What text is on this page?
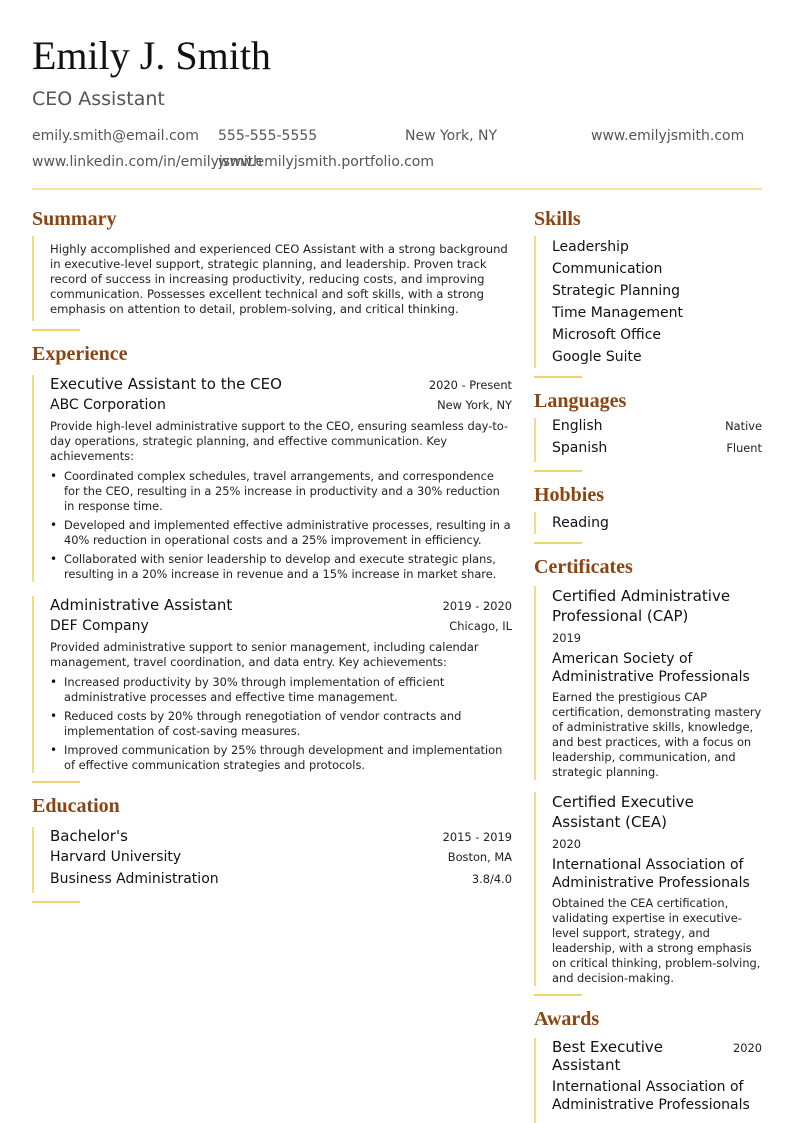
Emily J. Smith
CEO Assistant
emily.smith@email.com 555-555-5555	New York, NY	www.emilyjsmith.com
www.linkedin.com/in/emilyjsmith
www.emilyjsmith.portfolio.com
Summary
Highly accomplished and experienced CEO Assistant with a strong background in executive-level support, strategic planning, and leadership. Proven track record of success in increasing productivity, reducing costs, and improving communication. Possesses excellent technical and soft skills, with a strong emphasis on attention to detail, problem-solving, and critical thinking.
Experience
Executive Assistant to the CEO	2020 - Present
ABC Corporation	New York, NY
Provide high-level administrative support to the CEO, ensuring seamless day-to-day operations, strategic planning, and effective communication. Key achievements:
• Coordinated complex schedules, travel arrangements, and correspondence for the CEO, resulting in a 25% increase in productivity and a 30% reduction in response time.
• Developed and implemented effective administrative processes, resulting in a 40% reduction in operational costs and a 25% improvement in efficiency.
• Collaborated with senior leadership to develop and execute strategic plans, resulting in a 20% increase in revenue and a 15% increase in market share.
Administrative Assistant	2019 - 2020
DEF Company	Chicago, IL
Provided administrative support to senior management, including calendar management, travel coordination, and data entry. Key achievements:
• Increased productivity by 30% through implementation of efficient administrative processes and effective time management.
• Reduced costs by 20% through renegotiation of vendor contracts and implementation of cost-saving measures.
• Improved communication by 25% through development and implementation of effective communication strategies and protocols.
Education
Bachelor's	2015 - 2019
Harvard University	Boston, MA
Business Administration	3.8/4.0
Skills
Leadership
Communication
Strategic Planning
Time Management
Microsoft Office
Google Suite
Languages
English	Native
Spanish	Fluent
Hobbies
Reading
Certificates
Certified Administrative Professional (CAP)
2019
American Society of Administrative Professionals
Earned the prestigious CAP certification, demonstrating mastery of administrative skills, knowledge, and best practices, with a focus on leadership, communication, and strategic planning.
Certified Executive Assistant (CEA)
2020
International Association of Administrative Professionals
Obtained the CEA certification, validating expertise in executive-level support, strategy, and leadership, with a strong emphasis on critical thinking, problem-solving, and decision-making.
Awards
Best Executive Assistant
2020
International Association of Administrative Professionals
